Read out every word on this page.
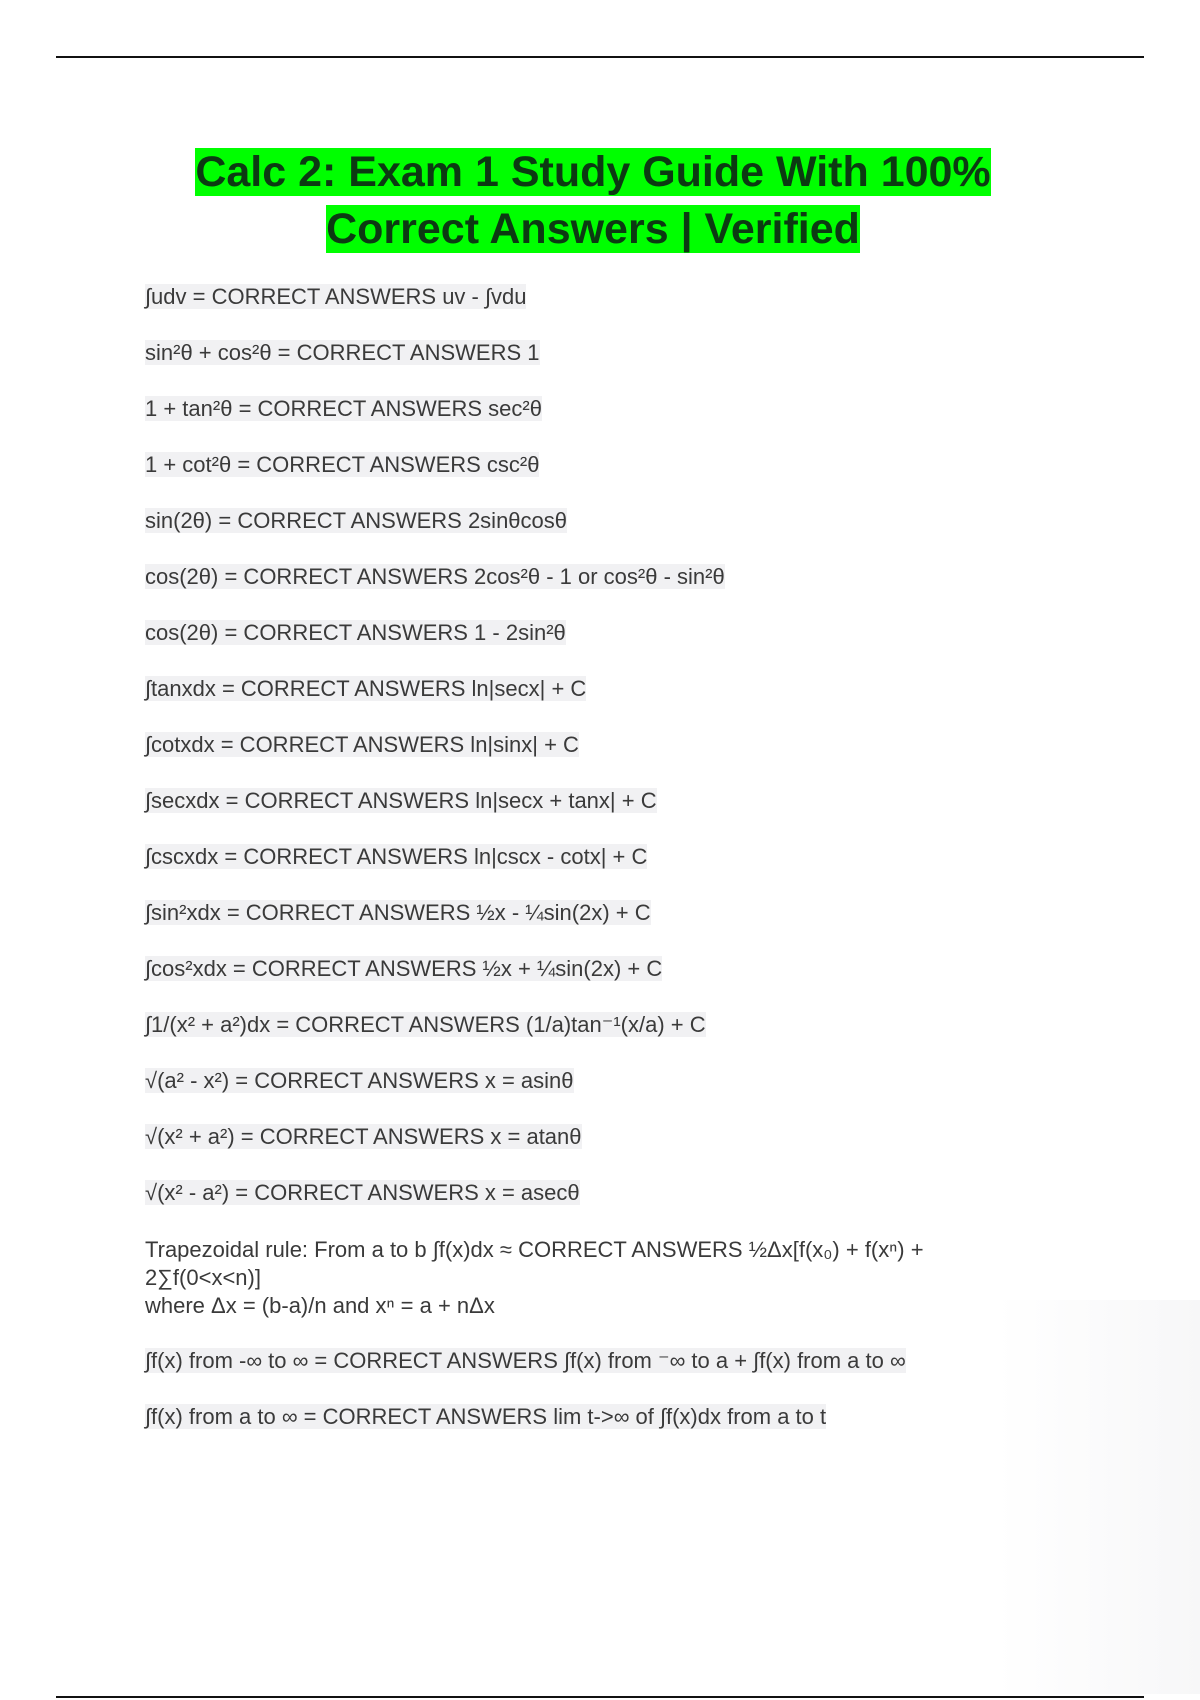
Calc 2: Exam 1 Study Guide With 100% Correct Answers | Verified
∫udv = CORRECT ANSWERS uv - ∫vdu
sin²θ + cos²θ = CORRECT ANSWERS 1
1 + tan²θ = CORRECT ANSWERS sec²θ
1 + cot²θ = CORRECT ANSWERS csc²θ
sin(2θ) = CORRECT ANSWERS 2sinθcosθ
cos(2θ) = CORRECT ANSWERS 2cos²θ - 1 or cos²θ - sin²θ
cos(2θ) = CORRECT ANSWERS 1 - 2sin²θ
∫tanxdx = CORRECT ANSWERS ln|secx| + C
∫cotxdx = CORRECT ANSWERS ln|sinx| + C
∫secxdx = CORRECT ANSWERS ln|secx + tanx| + C
∫cscxdx = CORRECT ANSWERS ln|cscx - cotx| + C
∫sin²xdx = CORRECT ANSWERS ½x - ¼sin(2x) + C
∫cos²xdx = CORRECT ANSWERS ½x + ¼sin(2x) + C
∫1/(x² + a²)dx = CORRECT ANSWERS (1/a)tan⁻¹(x/a) + C
√(a² - x²) = CORRECT ANSWERS x = asinθ
√(x² + a²) = CORRECT ANSWERS x = atanθ
√(x² - a²) = CORRECT ANSWERS x = asecθ
Trapezoidal rule: From a to b ∫f(x)dx ≈ CORRECT ANSWERS ½Δx[f(x₀) + f(xⁿ) +
2∑f(0<x<n)]
where Δx = (b-a)/n and xⁿ = a + nΔx
∫f(x) from -∞ to ∞ = CORRECT ANSWERS ∫f(x) from ⁻∞ to a + ∫f(x) from a to ∞
∫f(x) from a to ∞ = CORRECT ANSWERS lim t->∞ of ∫f(x)dx from a to t
